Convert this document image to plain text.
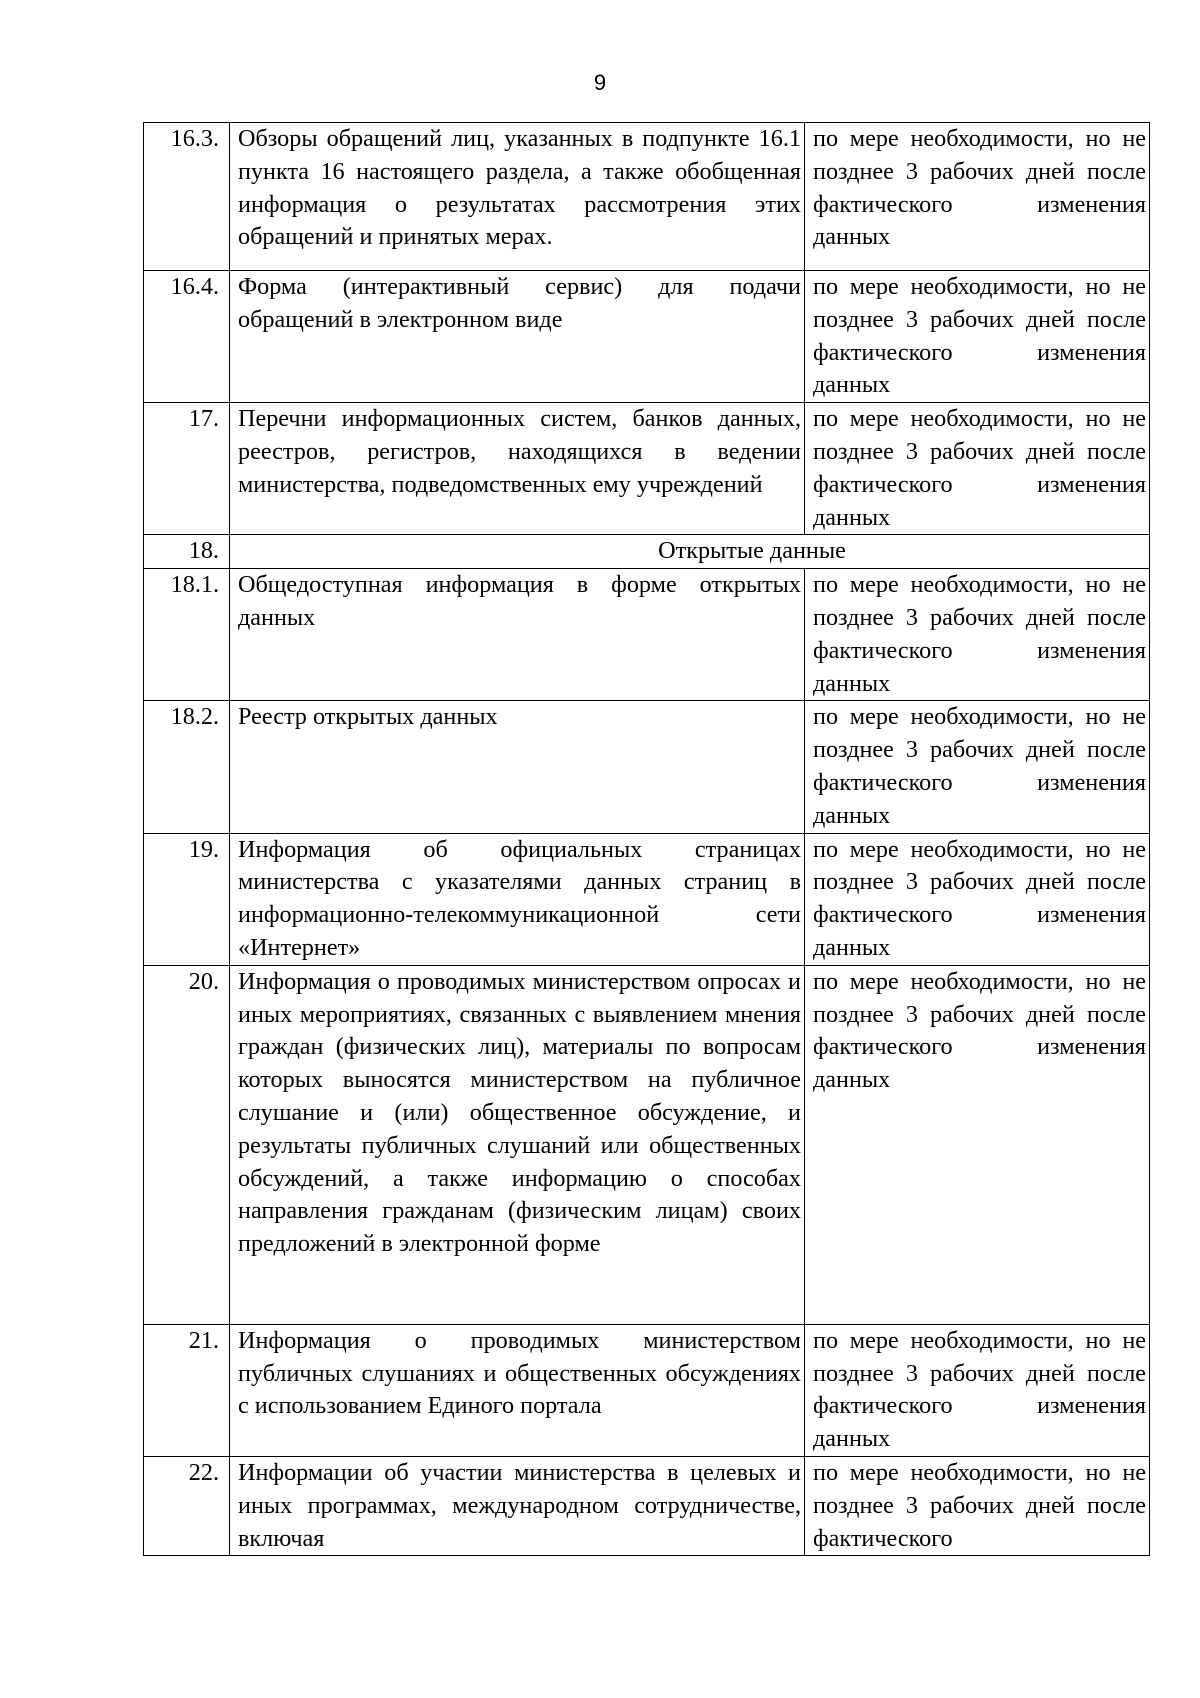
9
16.3.	Обзоры обращений лиц, указанных в подпункте 16.1 пункта 16 настоящего раздела, а также обобщенная информация о результатах рассмотрения этих обращений и принятых мерах.	по мере необходимости, но не позднее 3 рабочих дней после фактического изменения данных
16.4.	Форма (интерактивный сервис) для подачи обращений в электронном виде	по мере необходимости, но не позднее 3 рабочих дней после фактического изменения данных
17.	Перечни информационных систем, банков данных, реестров, регистров, находящихся в ведении министерства, подведомственных ему учреждений	по мере необходимости, но не позднее 3 рабочих дней после фактического изменения данных
18.	Открытые данные	
18.1.	Общедоступная информация в форме открытых данных	по мере необходимости, но не позднее 3 рабочих дней после фактического изменения данных
18.2.	Реестр открытых данных	по мере необходимости, но не позднее 3 рабочих дней после фактического изменения данных
19.	Информация об официальных страницах министерства с указателями данных страниц в информационно-телекоммуникационной сети «Интернет»	по мере необходимости, но не позднее 3 рабочих дней после фактического изменения данных
20.	Информация о проводимых министерством опросах и иных мероприятиях, связанных с выявлением мнения граждан (физических лиц), материалы по вопросам которых выносятся министерством на публичное слушание и (или) общественное обсуждение, и результаты публичных слушаний или общественных обсуждений, а также информацию о способах направления гражданам (физическим лицам) своих предложений в электронной форме	по мере необходимости, но не позднее 3 рабочих дней после фактического изменения данных
21.	Информация о проводимых министерством публичных слушаниях и общественных обсуждениях с использованием Единого портала	по мере необходимости, но не позднее 3 рабочих дней после фактического изменения данных
22.	Информации об участии министерства в целевых и иных программах, международном сотрудничестве, включая	по мере необходимости, но не позднее 3 рабочих дней после фактического
